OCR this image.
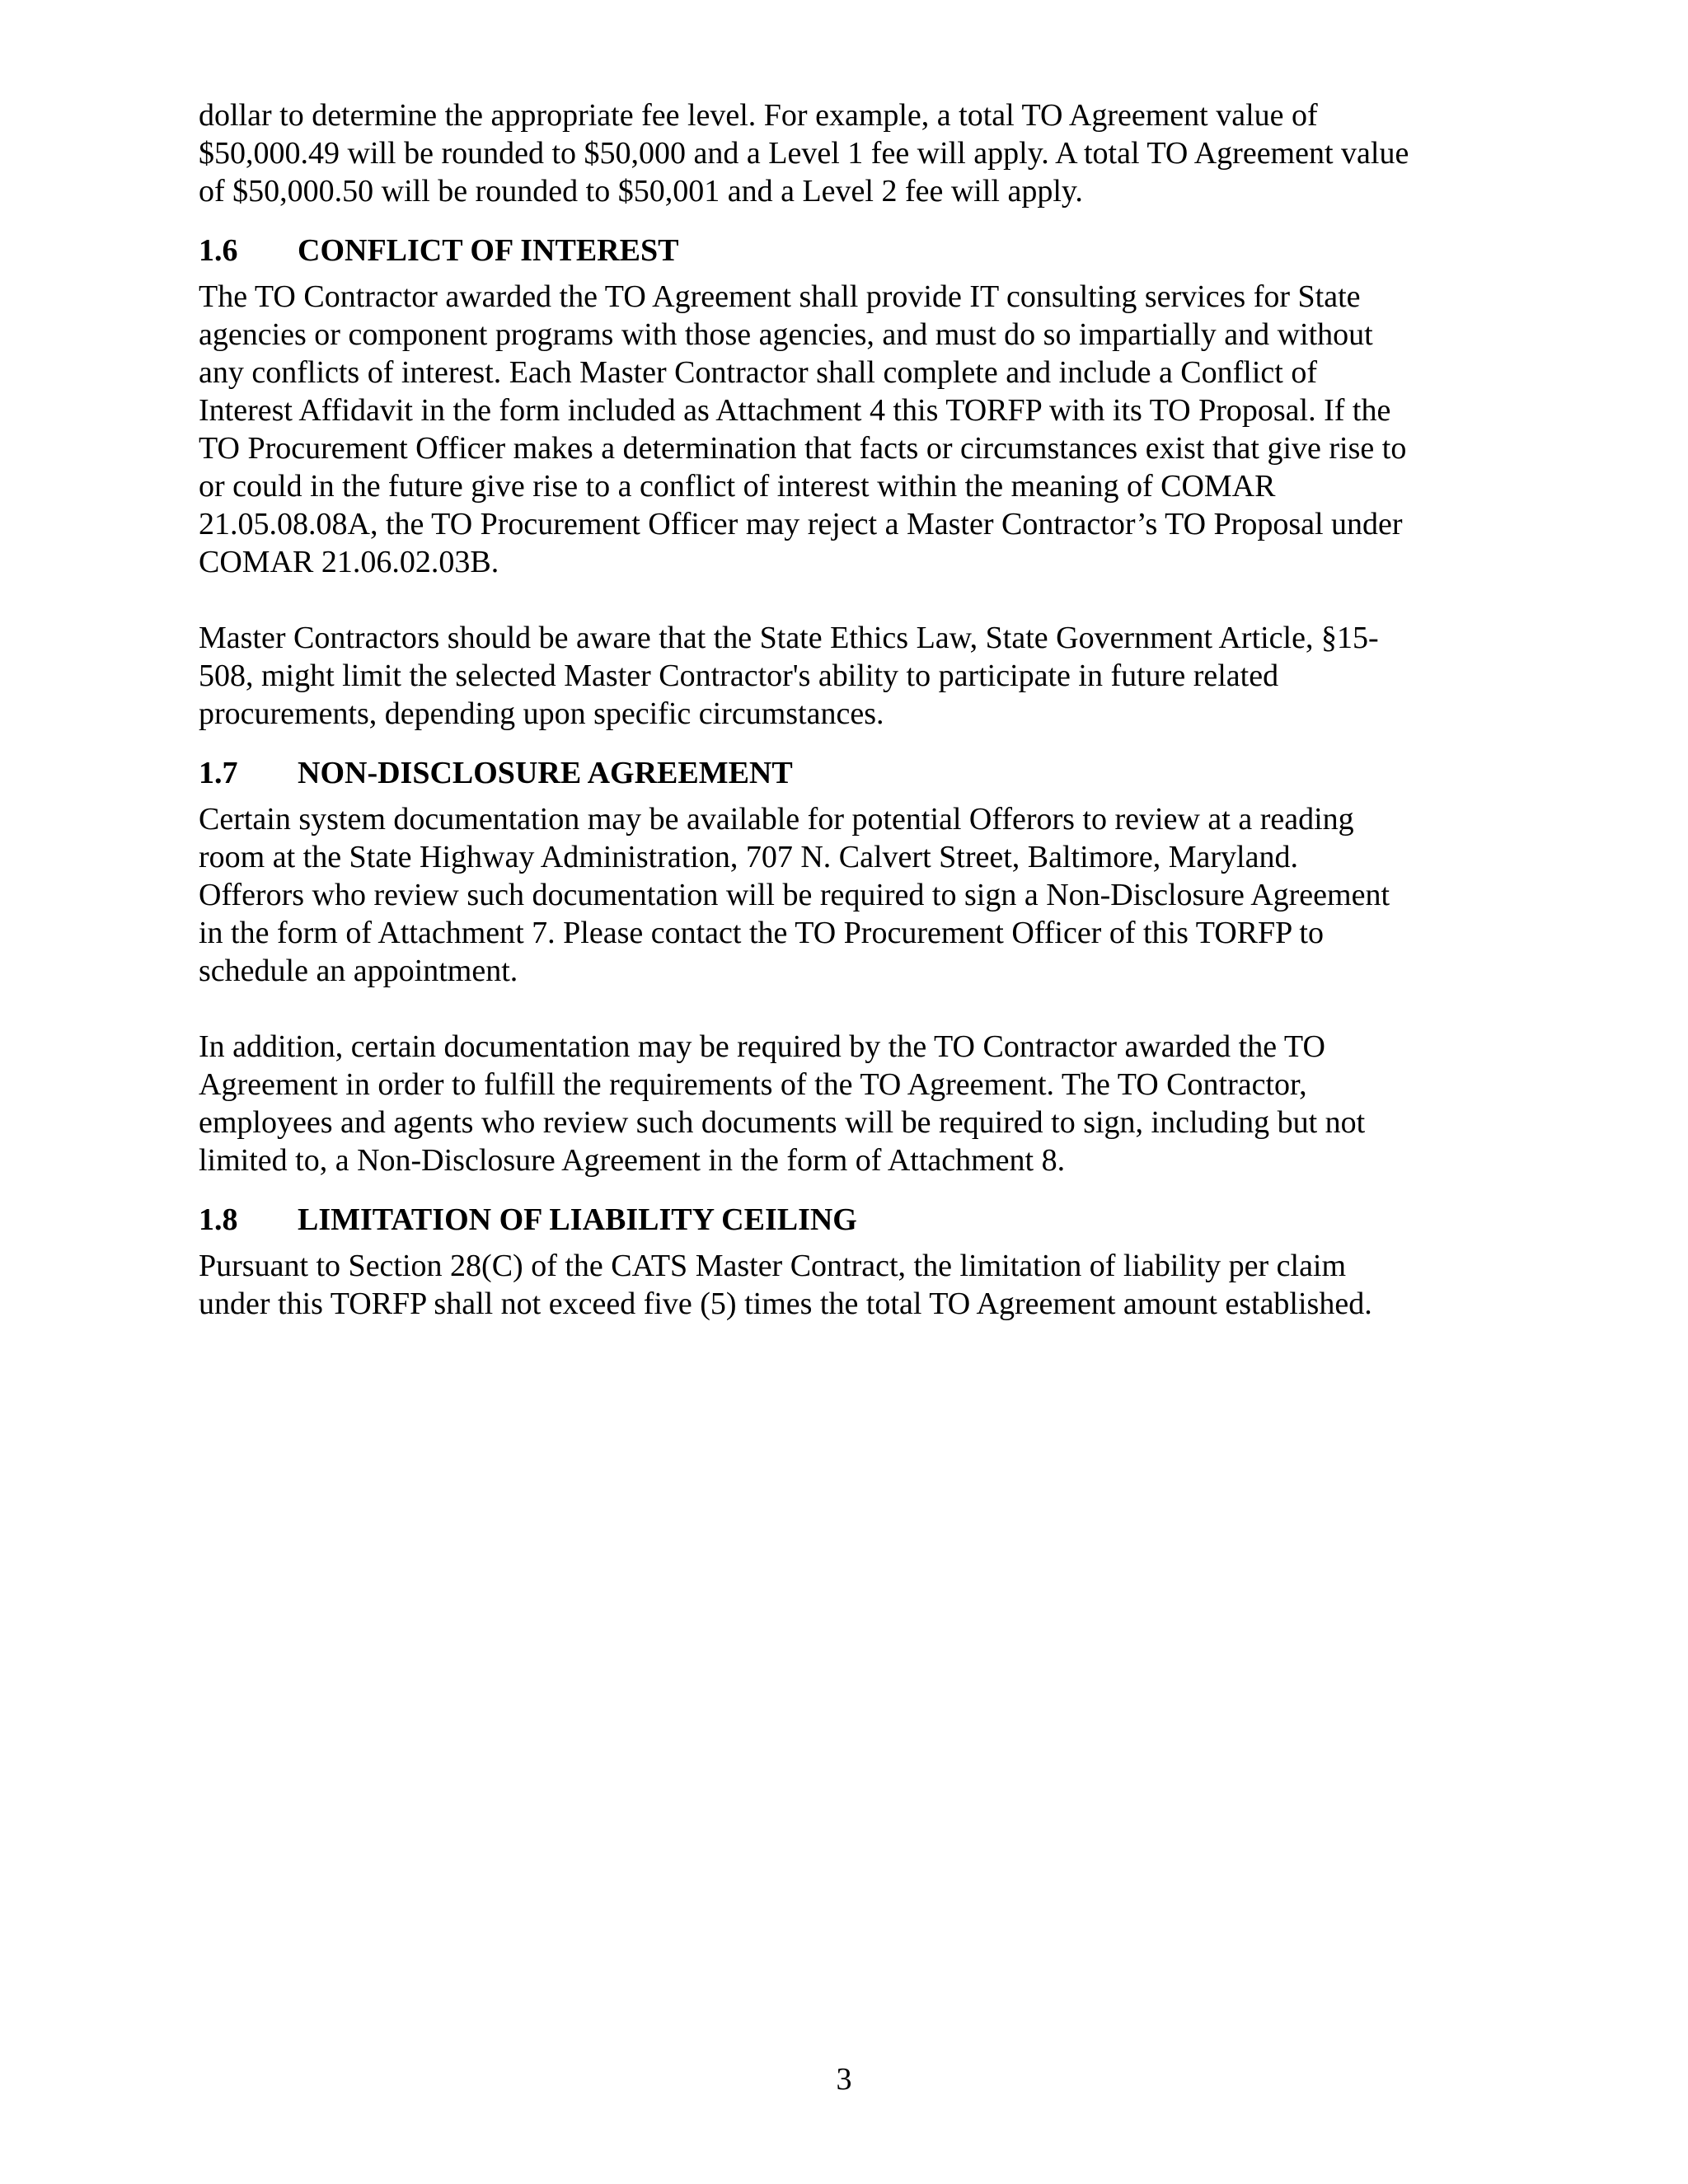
dollar to determine the appropriate fee level. For example, a total TO Agreement value of
$50,000.49 will be rounded to $50,000 and a Level 1 fee will apply. A total TO Agreement value
of $50,000.50 will be rounded to $50,001 and a Level 2 fee will apply.
1.6	CONFLICT OF INTEREST
The TO Contractor awarded the TO Agreement shall provide IT consulting services for State
agencies or component programs with those agencies, and must do so impartially and without
any conflicts of interest. Each Master Contractor shall complete and include a Conflict of
Interest Affidavit in the form included as Attachment 4 this TORFP with its TO Proposal. If the
TO Procurement Officer makes a determination that facts or circumstances exist that give rise to
or could in the future give rise to a conflict of interest within the meaning of COMAR
21.05.08.08A, the TO Procurement Officer may reject a Master Contractor’s TO Proposal under
COMAR 21.06.02.03B.
Master Contractors should be aware that the State Ethics Law, State Government Article, §15-
508, might limit the selected Master Contractor's ability to participate in future related
procurements, depending upon specific circumstances.
1.7	NON-DISCLOSURE AGREEMENT
Certain system documentation may be available for potential Offerors to review at a reading
room at the State Highway Administration, 707 N. Calvert Street, Baltimore, Maryland.
Offerors who review such documentation will be required to sign a Non-Disclosure Agreement
in the form of Attachment 7. Please contact the TO Procurement Officer of this TORFP to
schedule an appointment.
In addition, certain documentation may be required by the TO Contractor awarded the TO
Agreement in order to fulfill the requirements of the TO Agreement. The TO Contractor,
employees and agents who review such documents will be required to sign, including but not
limited to, a Non-Disclosure Agreement in the form of Attachment 8.
1.8	LIMITATION OF LIABILITY CEILING
Pursuant to Section 28(C) of the CATS Master Contract, the limitation of liability per claim
under this TORFP shall not exceed five (5) times the total TO Agreement amount established.
3
